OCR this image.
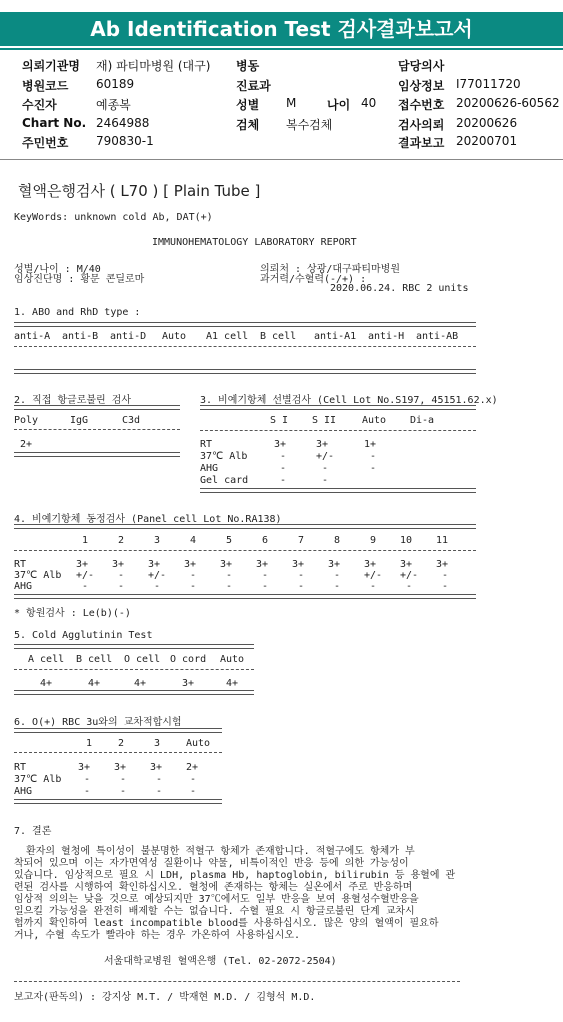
Ab Identification Test 검사결과보고서
의뢰기관명 재) 파티마병원 (대구)
병원코드 60189
수진자	예종복
Chart No. 2464988
주민번호 790830-1
병동
진료과
성별 M	나이 40
검체 복수검체
담당의사
임상정보 I77011720
접수번호 20200626-60562
검사의뢰 20200626
결과보고 20200701
혈액은행검사 ( L70 ) [ Plain Tube ]
KeyWords: unknown cold Ab, DAT(+)
IMMUNOHEMATOLOGY LABORATORY REPORT
성별/나이 : M/40
임상진단명 : 황문 콘딜로마
의뢰처 : 상광/대구파티마병원
과거력/수혈력(-/+) :
2020.06.24. RBC 2 units
1. ABO and RhD type :
anti-A anti-B anti-D Auto A1 cell B cell anti-A1 anti-H anti-AB
2. 직접 항글로불린 검사
Poly	IgG	C3d
2+
3. 비예기항체 선별검사 (Cell Lot No.S197, 45151.62.x)
S I S II	Auto Di-a
RT	3+	3+	1+
37℃ Alb	-	+/-	-
AHG	-	-	-
Gel card	-	-
4. 비예기항체 동정검사 (Panel cell Lot No.RA138)
1	2	3	4	5	6	7	8	9 10 11
RT	3+ 3+ 3+ 3+ 3+ 3+ 3+ 3+ 3+ 3+ 3+
37℃ Alb +/- - +/- -	-	-	-	- +/- +/- -
AHG	-	-	-	-	-	-	-	-	-	-	-
* 항원검사 : Le(b)(-)
5. Cold Agglutinin Test
A cell B cell O cell O cord Auto
4+	4+	4+	3+	4+
6. O(+) RBC 3u와의 교차적합시험
1	2	3	Auto
RT	3+ 3+ 3+ 2+
37℃ Alb -	-	-	-
AHG	-	-	-	-
7. 결론
환자의 혈청에 특이성이 불분명한 적혈구 항체가 존재합니다. 적혈구에도 항체가 부
착되어 있으며 이는 자가면역성 질환이나 약물, 비특이적인 반응 등에 의한 가능성이
있습니다. 임상적으로 필요 시 LDH, plasma Hb, haptoglobin, bilirubin 등 용혈에 관
련된 검사를 시행하여 확인하십시오. 혈청에 존재하는 항체는 실온에서 주로 반응하며
임상적 의의는 낮을 것으로 예상되지만 37℃에서도 일부 반응을 보여 용혈성수혈반응을
일으킬 가능성을 완전히 배제할 수는 없습니다. 수혈 필요 시 항글로불린 단계 교차시
험까지 확인하여 least incompatible blood를 사용하십시오. 많은 양의 혈액이 필요하
거나, 수혈 속도가 빨라야 하는 경우 가온하여 사용하십시오.
서울대학교병원 혈액은행 (Tel. 02-2072-2504)
보고자(판독의) : 강지상 M.T. / 박재현 M.D. / 김형석 M.D.
